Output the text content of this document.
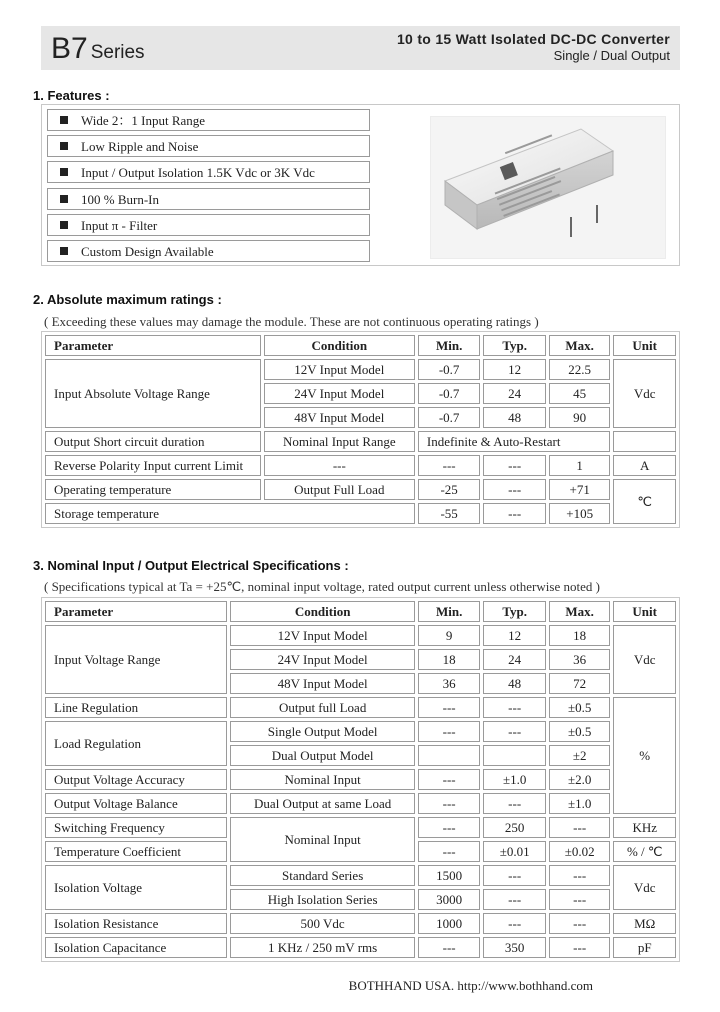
B7 Series
10 to 15 Watt Isolated DC-DC Converter
Single / Dual Output
1. Features :
Wide 2：1 Input Range
Low Ripple and Noise
Input / Output Isolation 1.5K Vdc or 3K Vdc
100 % Burn-In
Input π - Filter
Custom Design Available
2. Absolute maximum ratings :
( Exceeding these values may damage the module. These are not continuous operating ratings )
Parameter	Condition	Min.	Typ.	Max.	Unit
Input Absolute Voltage Range	12V Input Model	-0.7	12	22.5	Vdc
	24V Input Model	-0.7	24	45	
	48V Input Model	-0.7	48	90	
Output Short circuit duration	Nominal Input Range	Indefinite & Auto-Restart			
Reverse Polarity Input current Limit	---	---	---	1	A
Operating temperature	Output Full Load	-25	---	+71	℃
Storage temperature		-55	---	+105	
3. Nominal Input / Output Electrical Specifications :
( Specifications typical at Ta = +25℃, nominal input voltage, rated output current unless otherwise noted )
Parameter	Condition	Min.	Typ.	Max.	Unit
Input Voltage Range	12V Input Model	9	12	18	Vdc
	24V Input Model	18	24	36	
	48V Input Model	36	48	72	
Line Regulation	Output full Load	---	---	±0.5	%
Load Regulation	Single Output Model	---	---	±0.5	
	Dual Output Model			±2	
Output Voltage Accuracy	Nominal Input	---	±1.0	±2.0	
Output Voltage Balance	Dual Output at same Load	---	---	±1.0	
Switching Frequency	Nominal Input	---	250	---	KHz
Temperature Coefficient		---	±0.01	±0.02	% / ℃
Isolation Voltage	Standard Series	1500	---	---	Vdc
	High Isolation Series	3000	---	---	
Isolation Resistance	500 Vdc	1000	---	---	MΩ
Isolation Capacitance	1 KHz / 250 mV rms	---	350	---	pF
BOTHHAND USA. http://www.bothhand.com
